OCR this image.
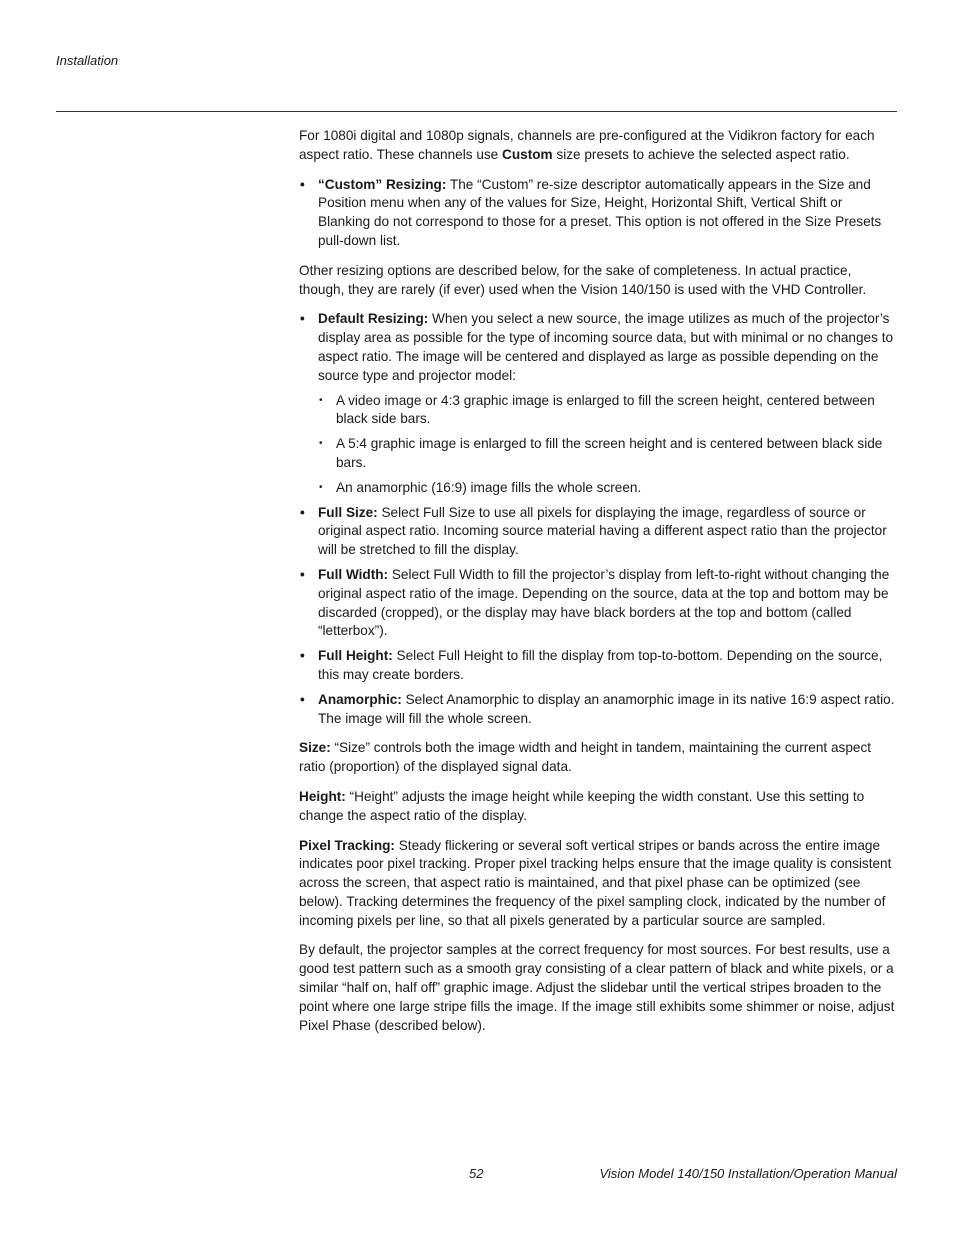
Installation

For 1080i digital and 1080p signals, channels are pre-configured at the Vidikron factory for each aspect ratio. These channels use Custom size presets to achieve the selected aspect ratio.

• “Custom” Resizing: The “Custom” re-size descriptor automatically appears in the Size and Position menu when any of the values for Size, Height, Horizontal Shift, Vertical Shift or Blanking do not correspond to those for a preset. This option is not offered in the Size Presets pull-down list.

Other resizing options are described below, for the sake of completeness. In actual practice, though, they are rarely (if ever) used when the Vision 140/150 is used with the VHD Controller.

• Default Resizing: When you select a new source, the image utilizes as much of the projector’s display area as possible for the type of incoming source data, but with minimal or no changes to aspect ratio. The image will be centered and displayed as large as possible depending on the source type and projector model:
• A video image or 4:3 graphic image is enlarged to fill the screen height, centered between black side bars.
• A 5:4 graphic image is enlarged to fill the screen height and is centered between black side bars.
• An anamorphic (16:9) image fills the whole screen.
• Full Size: Select Full Size to use all pixels for displaying the image, regardless of source or original aspect ratio. Incoming source material having a different aspect ratio than the projector will be stretched to fill the display.
• Full Width: Select Full Width to fill the projector’s display from left-to-right without changing the original aspect ratio of the image. Depending on the source, data at the top and bottom may be discarded (cropped), or the display may have black borders at the top and bottom (called “letterbox”).
• Full Height: Select Full Height to fill the display from top-to-bottom. Depending on the source, this may create borders.
• Anamorphic: Select Anamorphic to display an anamorphic image in its native 16:9 aspect ratio. The image will fill the whole screen.

Size: “Size” controls both the image width and height in tandem, maintaining the current aspect ratio (proportion) of the displayed signal data.

Height: “Height” adjusts the image height while keeping the width constant. Use this setting to change the aspect ratio of the display.

Pixel Tracking: Steady flickering or several soft vertical stripes or bands across the entire image indicates poor pixel tracking. Proper pixel tracking helps ensure that the image quality is consistent across the screen, that aspect ratio is maintained, and that pixel phase can be optimized (see below). Tracking determines the frequency of the pixel sampling clock, indicated by the number of incoming pixels per line, so that all pixels generated by a particular source are sampled.

By default, the projector samples at the correct frequency for most sources. For best results, use a good test pattern such as a smooth gray consisting of a clear pattern of black and white pixels, or a similar “half on, half off” graphic image. Adjust the slidebar until the vertical stripes broaden to the point where one large stripe fills the image. If the image still exhibits some shimmer or noise, adjust Pixel Phase (described below).

52	Vision Model 140/150 Installation/Operation Manual
